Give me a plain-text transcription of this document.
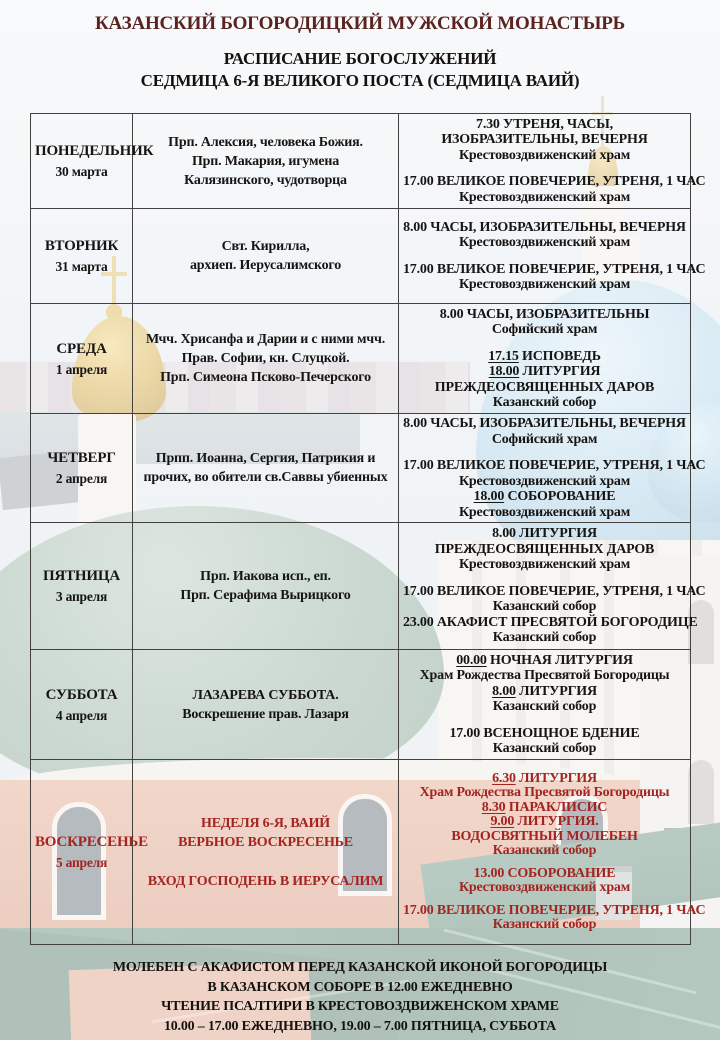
КАЗАНСКИЙ БОГОРОДИЦКИЙ МУЖСКОЙ МОНАСТЫРЬ
РАСПИСАНИЕ БОГОСЛУЖЕНИЙ
СЕДМИЦА 6-Я ВЕЛИКОГО ПОСТА (СЕДМИЦА ВАИЙ)
ПОНЕДЕЛЬНИК
30 марта

Прп. Алексия, человека Божия.
Прп. Макария, игумена
Калязинского, чудотворца

7.30 УТРЕНЯ, ЧАСЫ,
ИЗОБРАЗИТЕЛЬНЫ, ВЕЧЕРНЯ
Крестовоздвиженский храм
17.00 ВЕЛИКОЕ ПОВЕЧЕРИЕ, УТРЕНЯ, 1 ЧАС
Крестовоздвиженский храм

ВТОРНИК
31 марта

Свт. Кирилла,
архиеп. Иерусалимского

8.00 ЧАСЫ, ИЗОБРАЗИТЕЛЬНЫ, ВЕЧЕРНЯ
Крестовоздвиженский храм
17.00 ВЕЛИКОЕ ПОВЕЧЕРИЕ, УТРЕНЯ, 1 ЧАС
Крестовоздвиженский храм

СРЕДА
1 апреля

Мчч. Хрисанфа и Дарии и с ними мчч.
Прав. Софии, кн. Слуцкой.
Прп. Симеона Псково-Печерского

8.00 ЧАСЫ, ИЗОБРАЗИТЕЛЬНЫ
Софийский храм
17.15 ИСПОВЕДЬ
18.00 ЛИТУРГИЯ
ПРЕЖДЕОСВЯЩЕННЫХ ДАРОВ
Казанский собор

ЧЕТВЕРГ
2 апреля

Прпп. Иоанна, Сергия, Патрикия и
прочих, во обители св.Саввы убиенных

8.00 ЧАСЫ, ИЗОБРАЗИТЕЛЬНЫ, ВЕЧЕРНЯ
Софийский храм
17.00 ВЕЛИКОЕ ПОВЕЧЕРИЕ, УТРЕНЯ, 1 ЧАС
Крестовоздвиженский храм
18.00 СОБОРОВАНИЕ
Крестовоздвиженский храм

ПЯТНИЦА
3 апреля

Прп. Иакова исп., еп.
Прп. Серафима Вырицкого

8.00 ЛИТУРГИЯ
ПРЕЖДЕОСВЯЩЕННЫХ ДАРОВ
Крестовоздвиженский храм
17.00 ВЕЛИКОЕ ПОВЕЧЕРИЕ, УТРЕНЯ, 1 ЧАС
Казанский собор
23.00 АКАФИСТ ПРЕСВЯТОЙ БОГОРОДИЦЕ
Казанский собор

СУББОТА
4 апреля

ЛАЗАРЕВА СУББОТА.
Воскрешение прав. Лазаря

00.00 НОЧНАЯ ЛИТУРГИЯ
Храм Рождества Пресвятой Богородицы
8.00 ЛИТУРГИЯ
Казанский собор
17.00 ВСЕНОЩНОЕ БДЕНИЕ
Казанский собор

ВОСКРЕСЕНЬЕ
5 апреля

НЕДЕЛЯ 6-Я, ВАИЙ
ВЕРБНОЕ ВОСКРЕСЕНЬЕ
ВХОД ГОСПОДЕНЬ В ИЕРУСАЛИМ

6.30 ЛИТУРГИЯ
Храм Рождества Пресвятой Богородицы
8.30 ПАРАКЛИСИС
9.00 ЛИТУРГИЯ.
ВОДОСВЯТНЫЙ МОЛЕБЕН
Казанский собор
13.00 СОБОРОВАНИЕ
Крестовоздвиженский храм
17.00 ВЕЛИКОЕ ПОВЕЧЕРИЕ, УТРЕНЯ, 1 ЧАС
Казанский собор
МОЛЕБЕН С АКАФИСТОМ ПЕРЕД КАЗАНСКОЙ ИКОНОЙ БОГОРОДИЦЫ
В КАЗАНСКОМ СОБОРЕ В 12.00 ЕЖЕДНЕВНО
ЧТЕНИЕ ПСАЛТИРИ В КРЕСТОВОЗДВИЖЕНСКОМ ХРАМЕ
10.00 – 17.00 ЕЖЕДНЕВНО, 19.00 – 7.00 ПЯТНИЦА, СУББОТА
